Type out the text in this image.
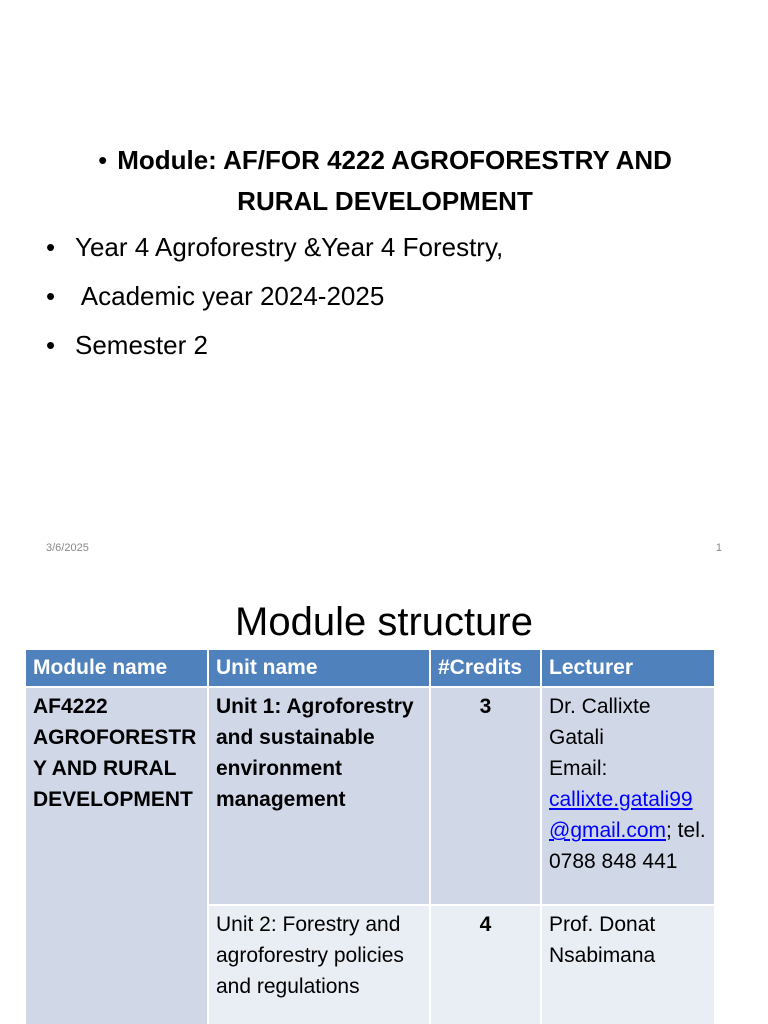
• Module: AF/FOR 4222 AGROFORESTRY AND
RURAL DEVELOPMENT
• Year 4 Agroforestry &Year 4 Forestry,
• Academic year 2024-2025
• Semester 2
3/6/2025	1
Module structure
Module name	Unit name	#Credits	Lecturer
AF4222 AGROFORESTR Y AND RURAL DEVELOPMENT	Unit 1: Agroforestry and sustainable environment management	3	Dr. Callixte Gatali
Email:
callixte.gatali99@gmail.com; tel. 0788 848 441
	Unit 2: Forestry and agroforestry policies and regulations	4	Prof. Donat Nsabimana
